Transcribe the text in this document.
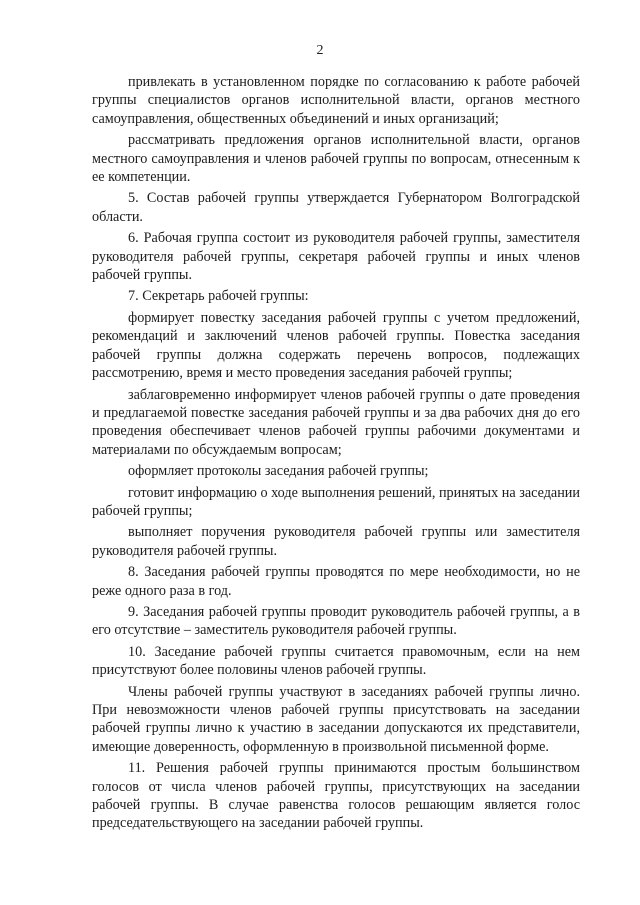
2

привлекать в установленном порядке по согласованию к работе рабочей группы специалистов органов исполнительной власти, органов местного самоуправления, общественных объединений и иных организаций;

рассматривать предложения органов исполнительной власти, органов местного самоуправления и членов рабочей группы по вопросам, отнесенным к ее компетенции.

5. Состав рабочей группы утверждается Губернатором Волгоградской области.

6. Рабочая группа состоит из руководителя рабочей группы, заместителя руководителя рабочей группы, секретаря рабочей группы и иных членов рабочей группы.

7. Секретарь рабочей группы:

формирует повестку заседания рабочей группы с учетом предложений, рекомендаций и заключений членов рабочей группы. Повестка заседания рабочей группы должна содержать перечень вопросов, подлежащих рассмотрению, время и место проведения заседания рабочей группы;

заблаговременно информирует членов рабочей группы о дате проведения и предлагаемой повестке заседания рабочей группы и за два рабочих дня до его проведения обеспечивает членов рабочей группы рабочими документами и материалами по обсуждаемым вопросам;

оформляет протоколы заседания рабочей группы;

готовит информацию о ходе выполнения решений, принятых на заседании рабочей группы;

выполняет поручения руководителя рабочей группы или заместителя руководителя рабочей группы.

8. Заседания рабочей группы проводятся по мере необходимости, но не реже одного раза в год.

9. Заседания рабочей группы проводит руководитель рабочей группы, а в его отсутствие – заместитель руководителя рабочей группы.

10. Заседание рабочей группы считается правомочным, если на нем присутствуют более половины членов рабочей группы.

Члены рабочей группы участвуют в заседаниях рабочей группы лично. При невозможности членов рабочей группы присутствовать на заседании рабочей группы лично к участию в заседании допускаются их представители, имеющие доверенность, оформленную в произвольной письменной форме.

11. Решения рабочей группы принимаются простым большинством голосов от числа членов рабочей группы, присутствующих на заседании рабочей группы. В случае равенства голосов решающим является голос председательствующего на заседании рабочей группы.
